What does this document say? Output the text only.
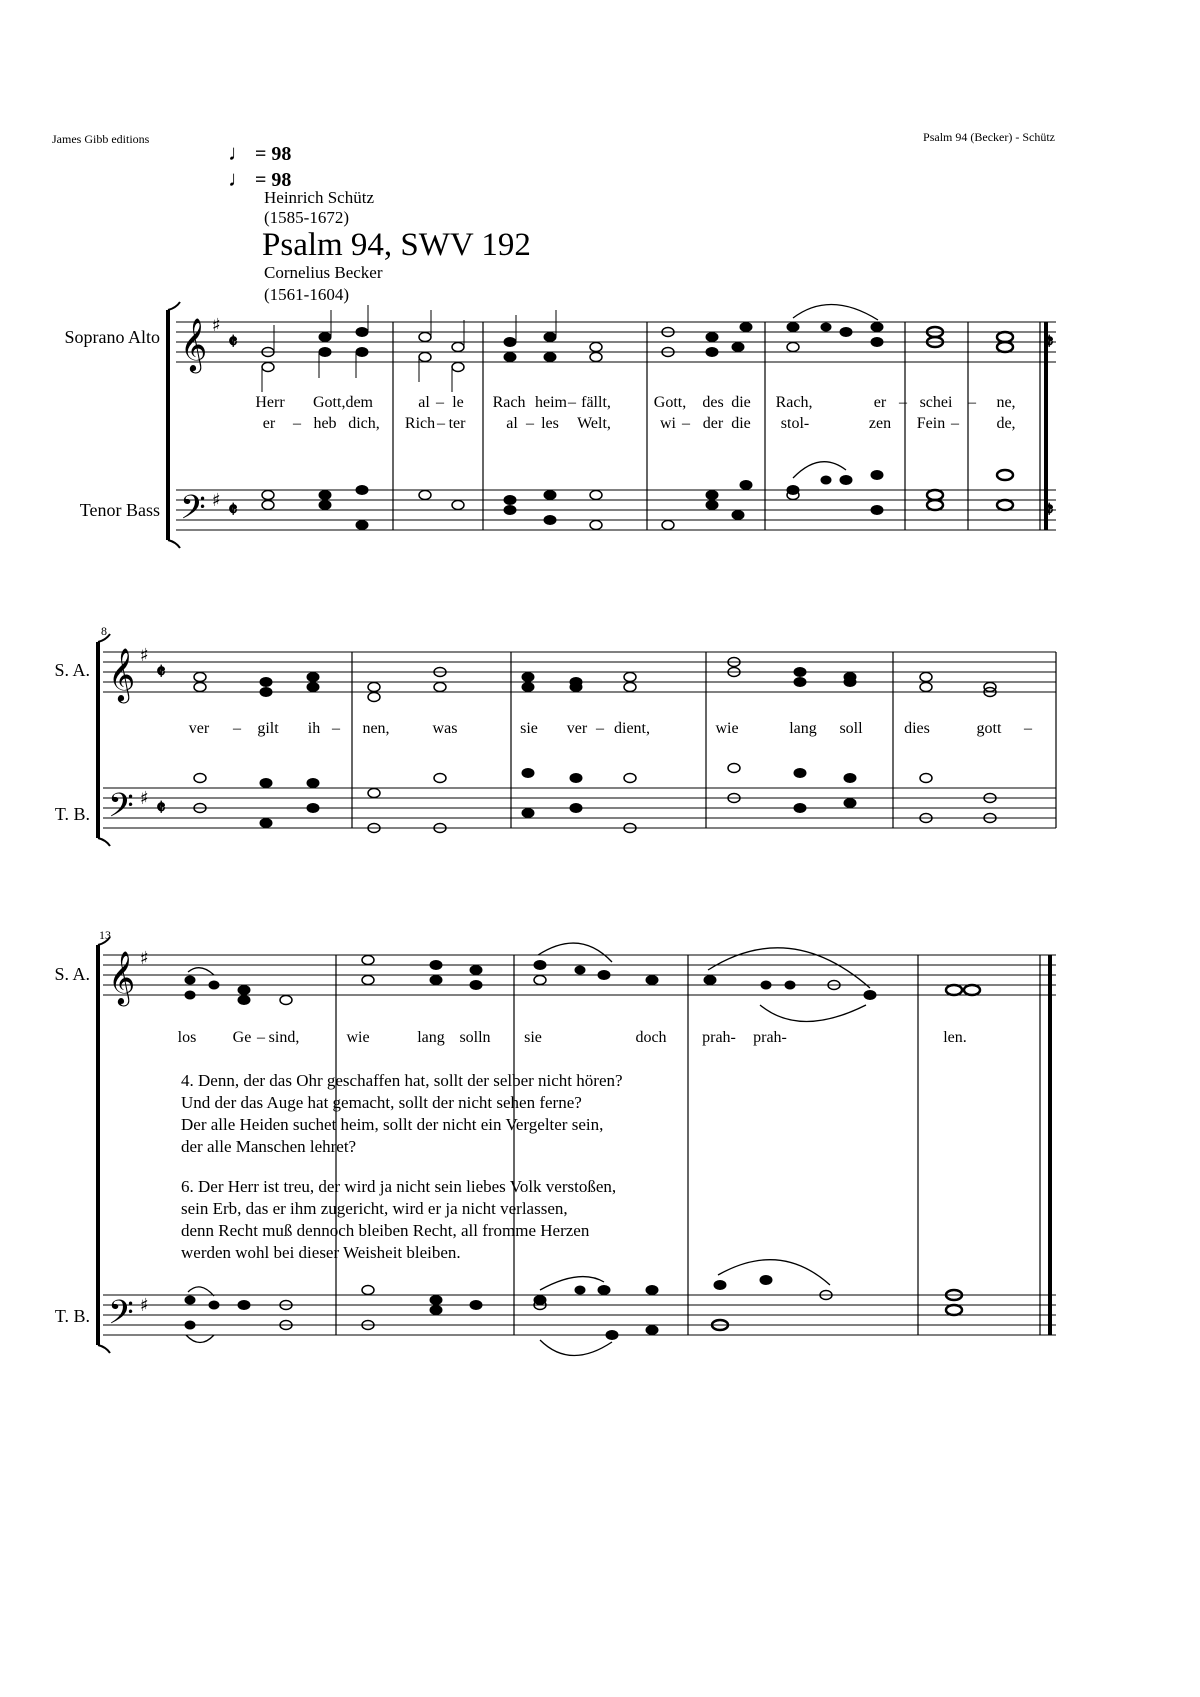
James Gibb editions	Psalm 94 (Becker) - Schütz
♩ = 98
♩ = 98
Heinrich Schütz
(1585-1672)
Psalm 94, SWV 192
Cornelius Becker
(1561-1604)
Soprano Alto
Tenor Bass
𝄞
𝄢
𝄞
𝄢
𝄞
𝄢
♯
♯
♯
♯
♯
♯
𝄵
𝄵
𝄵
𝄵
𝄵
𝄵
Herr Gott,dem	al – le Rach heim – fällt,	Gott, des die Rach,	er – schei – ne,
er – heb dich, Rich – ter	al – les Welt,	wi – der die stol-	zen Fein – de,
8
S. A.
T. B.
ver – gilt ih – nen,	was	sie ver – dient,	wie	lang soll	dies	gott –
13
S. A.
T. B.
los Ge – sind,	wie	lang solln sie	doch prah- prah-	len.
4. Denn, der das Ohr geschaffen hat, sollt der selber nicht hören?
Und der das Auge hat gemacht, sollt der nicht sehen ferne?
Der alle Heiden suchet heim, sollt der nicht ein Vergelter sein,
der alle Manschen lehret?
6. Der Herr ist treu, der wird ja nicht sein liebes Volk verstoßen,
sein Erb, das er ihm zugericht, wird er ja nicht verlassen,
denn Recht muß dennoch bleiben Recht, all fromme Herzen
werden wohl bei dieser Weisheit bleiben.
